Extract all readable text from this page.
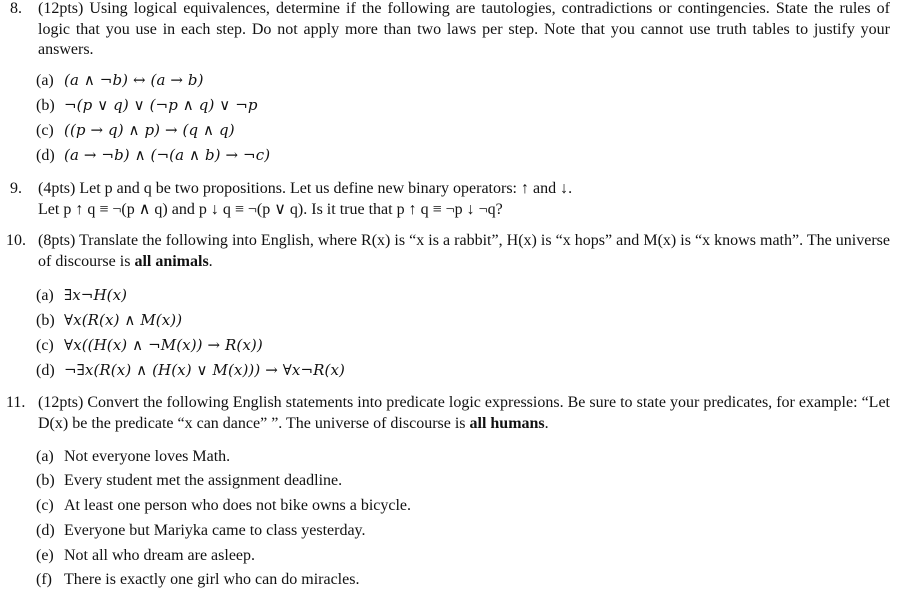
8. (12pts) Using logical equivalences, determine if the following are tautologies, contradictions or contingencies. State the rules of logic that you use in each step. Do not apply more than two laws per step. Note that you cannot use truth tables to justify your answers.
(a) (a ∧ ¬b) ↔ (a → b)
(b) ¬(p ∨ q) ∨ (¬p ∧ q) ∨ ¬p
(c) ((p → q) ∧ p) → (q ∧ q)
(d) (a → ¬b) ∧ (¬(a ∧ b) → ¬c)
9. (4pts) Let p and q be two propositions. Let us define new binary operators: ↑ and ↓.
Let p ↑ q ≡ ¬(p ∧ q) and p ↓ q ≡ ¬(p ∨ q). Is it true that p ↑ q ≡ ¬p ↓ ¬q?
10. (8pts) Translate the following into English, where R(x) is “x is a rabbit”, H(x) is “x hops” and M(x) is “x knows math”. The universe of discourse is all animals.
(a) ∃x¬H(x)
(b) ∀x(R(x) ∧ M(x))
(c) ∀x((H(x) ∧ ¬M(x)) → R(x))
(d) ¬∃x(R(x) ∧ (H(x) ∨ M(x))) → ∀x¬R(x)
11. (12pts) Convert the following English statements into predicate logic expressions. Be sure to state your predicates, for example: “Let D(x) be the predicate “x can dance” ”. The universe of discourse is all humans.
(a) Not everyone loves Math.
(b) Every student met the assignment deadline.
(c) At least one person who does not bike owns a bicycle.
(d) Everyone but Mariyka came to class yesterday.
(e) Not all who dream are asleep.
(f) There is exactly one girl who can do miracles.
